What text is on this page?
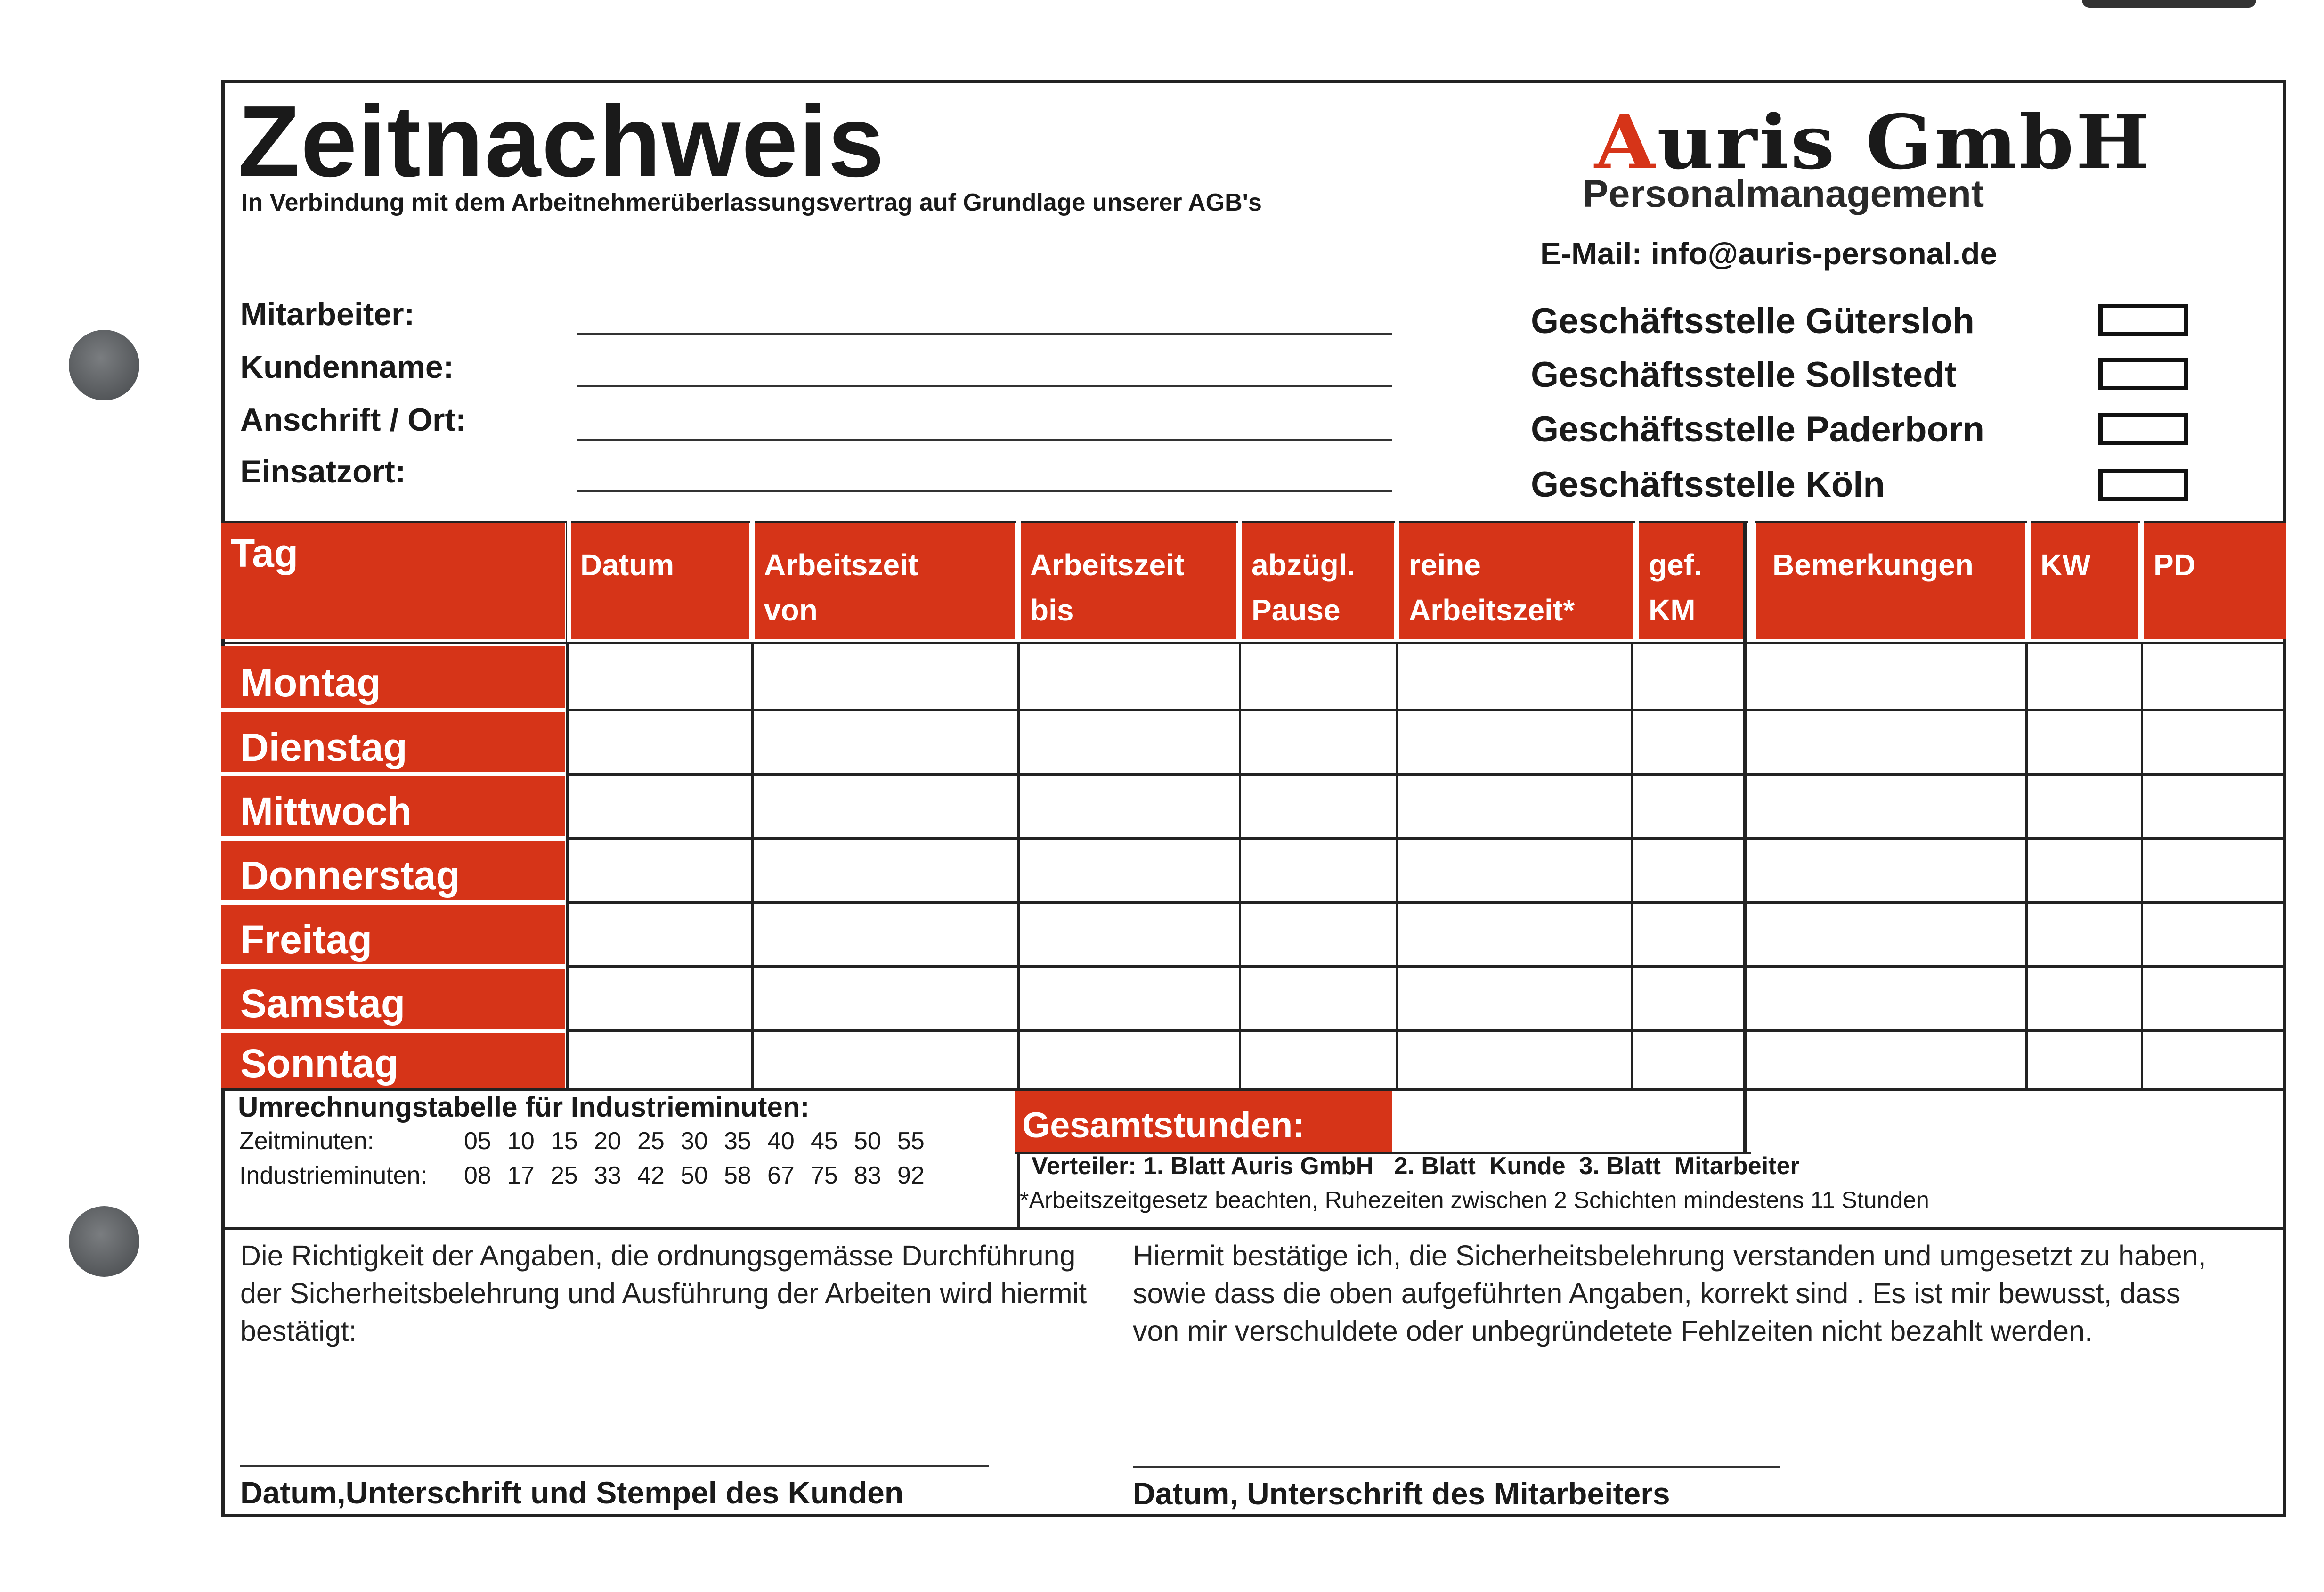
Zeitnachweis
In Verbindung mit dem Arbeitnehmerüberlassungsvertrag auf Grundlage unserer AGB's
Auris GmbH
Personalmanagement
E-Mail: info@auris-personal.de
Mitarbeiter:
Kundenname:
Anschrift / Ort:
Einsatzort:
Geschäftsstelle Gütersloh
Geschäftsstelle Sollstedt
Geschäftsstelle Paderborn
Geschäftsstelle Köln
Tag	Datum	Arbeitszeit
von
Arbeitszeit
bis
abzügl.
Pause
reine
Arbeitszeit*
gef.
KM
Bemerkungen KW PD
Montag
Dienstag
Mittwoch
Donnerstag
Freitag
Samstag
Sonntag
Umrechnungstabelle für Industrieminuten:
Zeitminuten:
Industrieminuten:
05 10 15 20 25 30 35 40 45 50 55
08 17 25 33 42 50 58 67 75 83 92
Gesamtstunden:
Verteiler: 1. Blatt Auris GmbH   2. Blatt  Kunde  3. Blatt  Mitarbeiter
*Arbeitszeitgesetz beachten, Ruhezeiten zwischen 2 Schichten mindestens 11 Stunden
Die Richtigkeit der Angaben, die ordnungsgemässe Durchführung der Sicherheitsbelehrung und Ausführung der Arbeiten wird hiermit bestätigt:
Datum,Unterschrift und Stempel des Kunden
Hiermit bestätige ich, die Sicherheitsbelehrung verstanden und umgesetzt zu haben, sowie dass die oben aufgeführten Angaben, korrekt sind . Es ist mir bewusst, dass von mir verschuldete oder unbegründetete Fehlzeiten nicht bezahlt werden.
Datum, Unterschrift des Mitarbeiters
